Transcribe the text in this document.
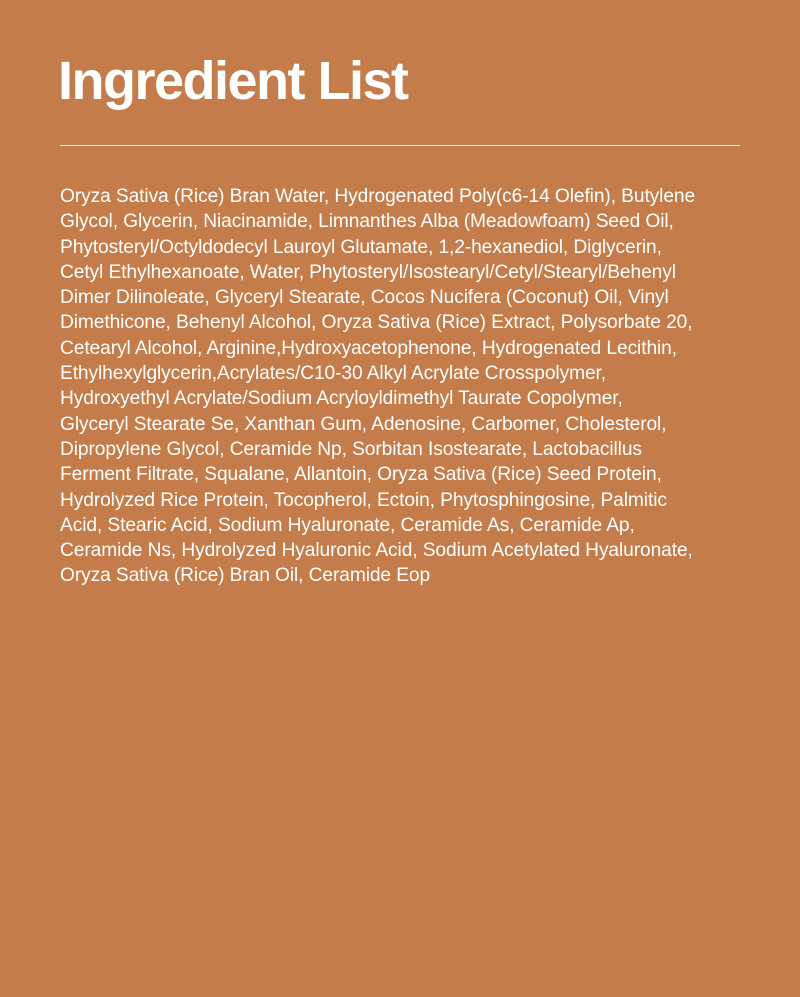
Ingredient List

Oryza Sativa (Rice) Bran Water, Hydrogenated Poly(c6-14 Olefin), Butylene
Glycol, Glycerin, Niacinamide, Limnanthes Alba (Meadowfoam) Seed Oil,
Phytosteryl/Octyldodecyl Lauroyl Glutamate, 1,2-hexanediol, Diglycerin,
Cetyl Ethylhexanoate, Water, Phytosteryl/Isostearyl/Cetyl/Stearyl/Behenyl
Dimer Dilinoleate, Glyceryl Stearate, Cocos Nucifera (Coconut) Oil, Vinyl
Dimethicone, Behenyl Alcohol, Oryza Sativa (Rice) Extract, Polysorbate 20,
Cetearyl Alcohol, Arginine,Hydroxyacetophenone, Hydrogenated Lecithin,
Ethylhexylglycerin,Acrylates/C10-30 Alkyl Acrylate Crosspolymer,
Hydroxyethyl Acrylate/Sodium Acryloyldimethyl Taurate Copolymer,
Glyceryl Stearate Se, Xanthan Gum, Adenosine, Carbomer, Cholesterol,
Dipropylene Glycol, Ceramide Np, Sorbitan Isostearate, Lactobacillus
Ferment Filtrate, Squalane, Allantoin, Oryza Sativa (Rice) Seed Protein,
Hydrolyzed Rice Protein, Tocopherol, Ectoin, Phytosphingosine, Palmitic
Acid, Stearic Acid, Sodium Hyaluronate, Ceramide As, Ceramide Ap,
Ceramide Ns, Hydrolyzed Hyaluronic Acid, Sodium Acetylated Hyaluronate,
Oryza Sativa (Rice) Bran Oil, Ceramide Eop
